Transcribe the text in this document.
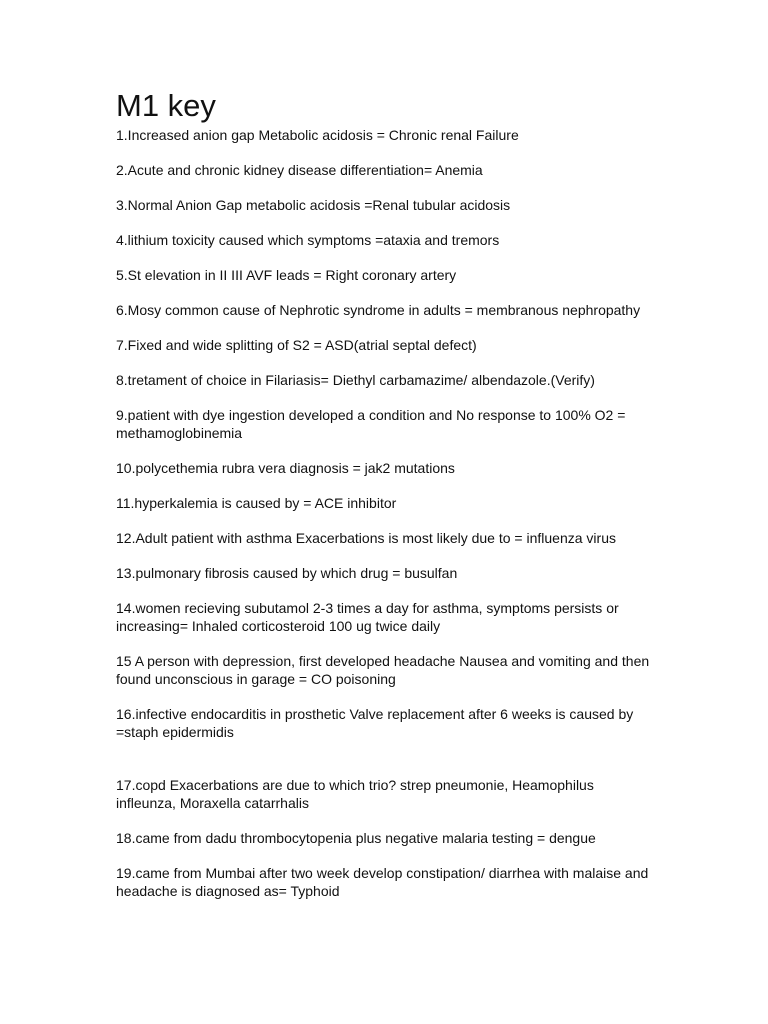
M1 key

1.Increased anion gap Metabolic acidosis = Chronic renal Failure

2.Acute and chronic kidney disease differentiation= Anemia

3.Normal Anion Gap metabolic acidosis =Renal tubular acidosis

4.lithium toxicity caused which symptoms =ataxia and tremors

5.St elevation in II III AVF leads = Right coronary artery

6.Mosy common cause of Nephrotic syndrome in adults = membranous nephropathy

7.Fixed and wide splitting of S2 = ASD(atrial septal defect)

8.tretament of choice in Filariasis= Diethyl carbamazime/ albendazole.(Verify)

9.patient with dye ingestion developed a condition and No response to 100% O2 = methamoglobinemia

10.polycethemia rubra vera diagnosis = jak2 mutations

11.hyperkalemia is caused by = ACE inhibitor

12.Adult patient with asthma Exacerbations is most likely due to = influenza virus

13.pulmonary fibrosis caused by which drug = busulfan

14.women recieving subutamol 2-3 times a day for asthma, symptoms persists or increasing= Inhaled corticosteroid 100 ug twice daily

15 A person with depression, first developed headache Nausea and vomiting and then found unconscious in garage = CO poisoning

16.infective endocarditis in prosthetic Valve replacement after 6 weeks is caused by =staph epidermidis

17.copd Exacerbations are due to which trio? strep pneumonie, Heamophilus infleunza, Moraxella catarrhalis

18.came from dadu thrombocytopenia plus negative malaria testing = dengue

19.came from Mumbai after two week develop constipation/ diarrhea with malaise and headache is diagnosed as= Typhoid
